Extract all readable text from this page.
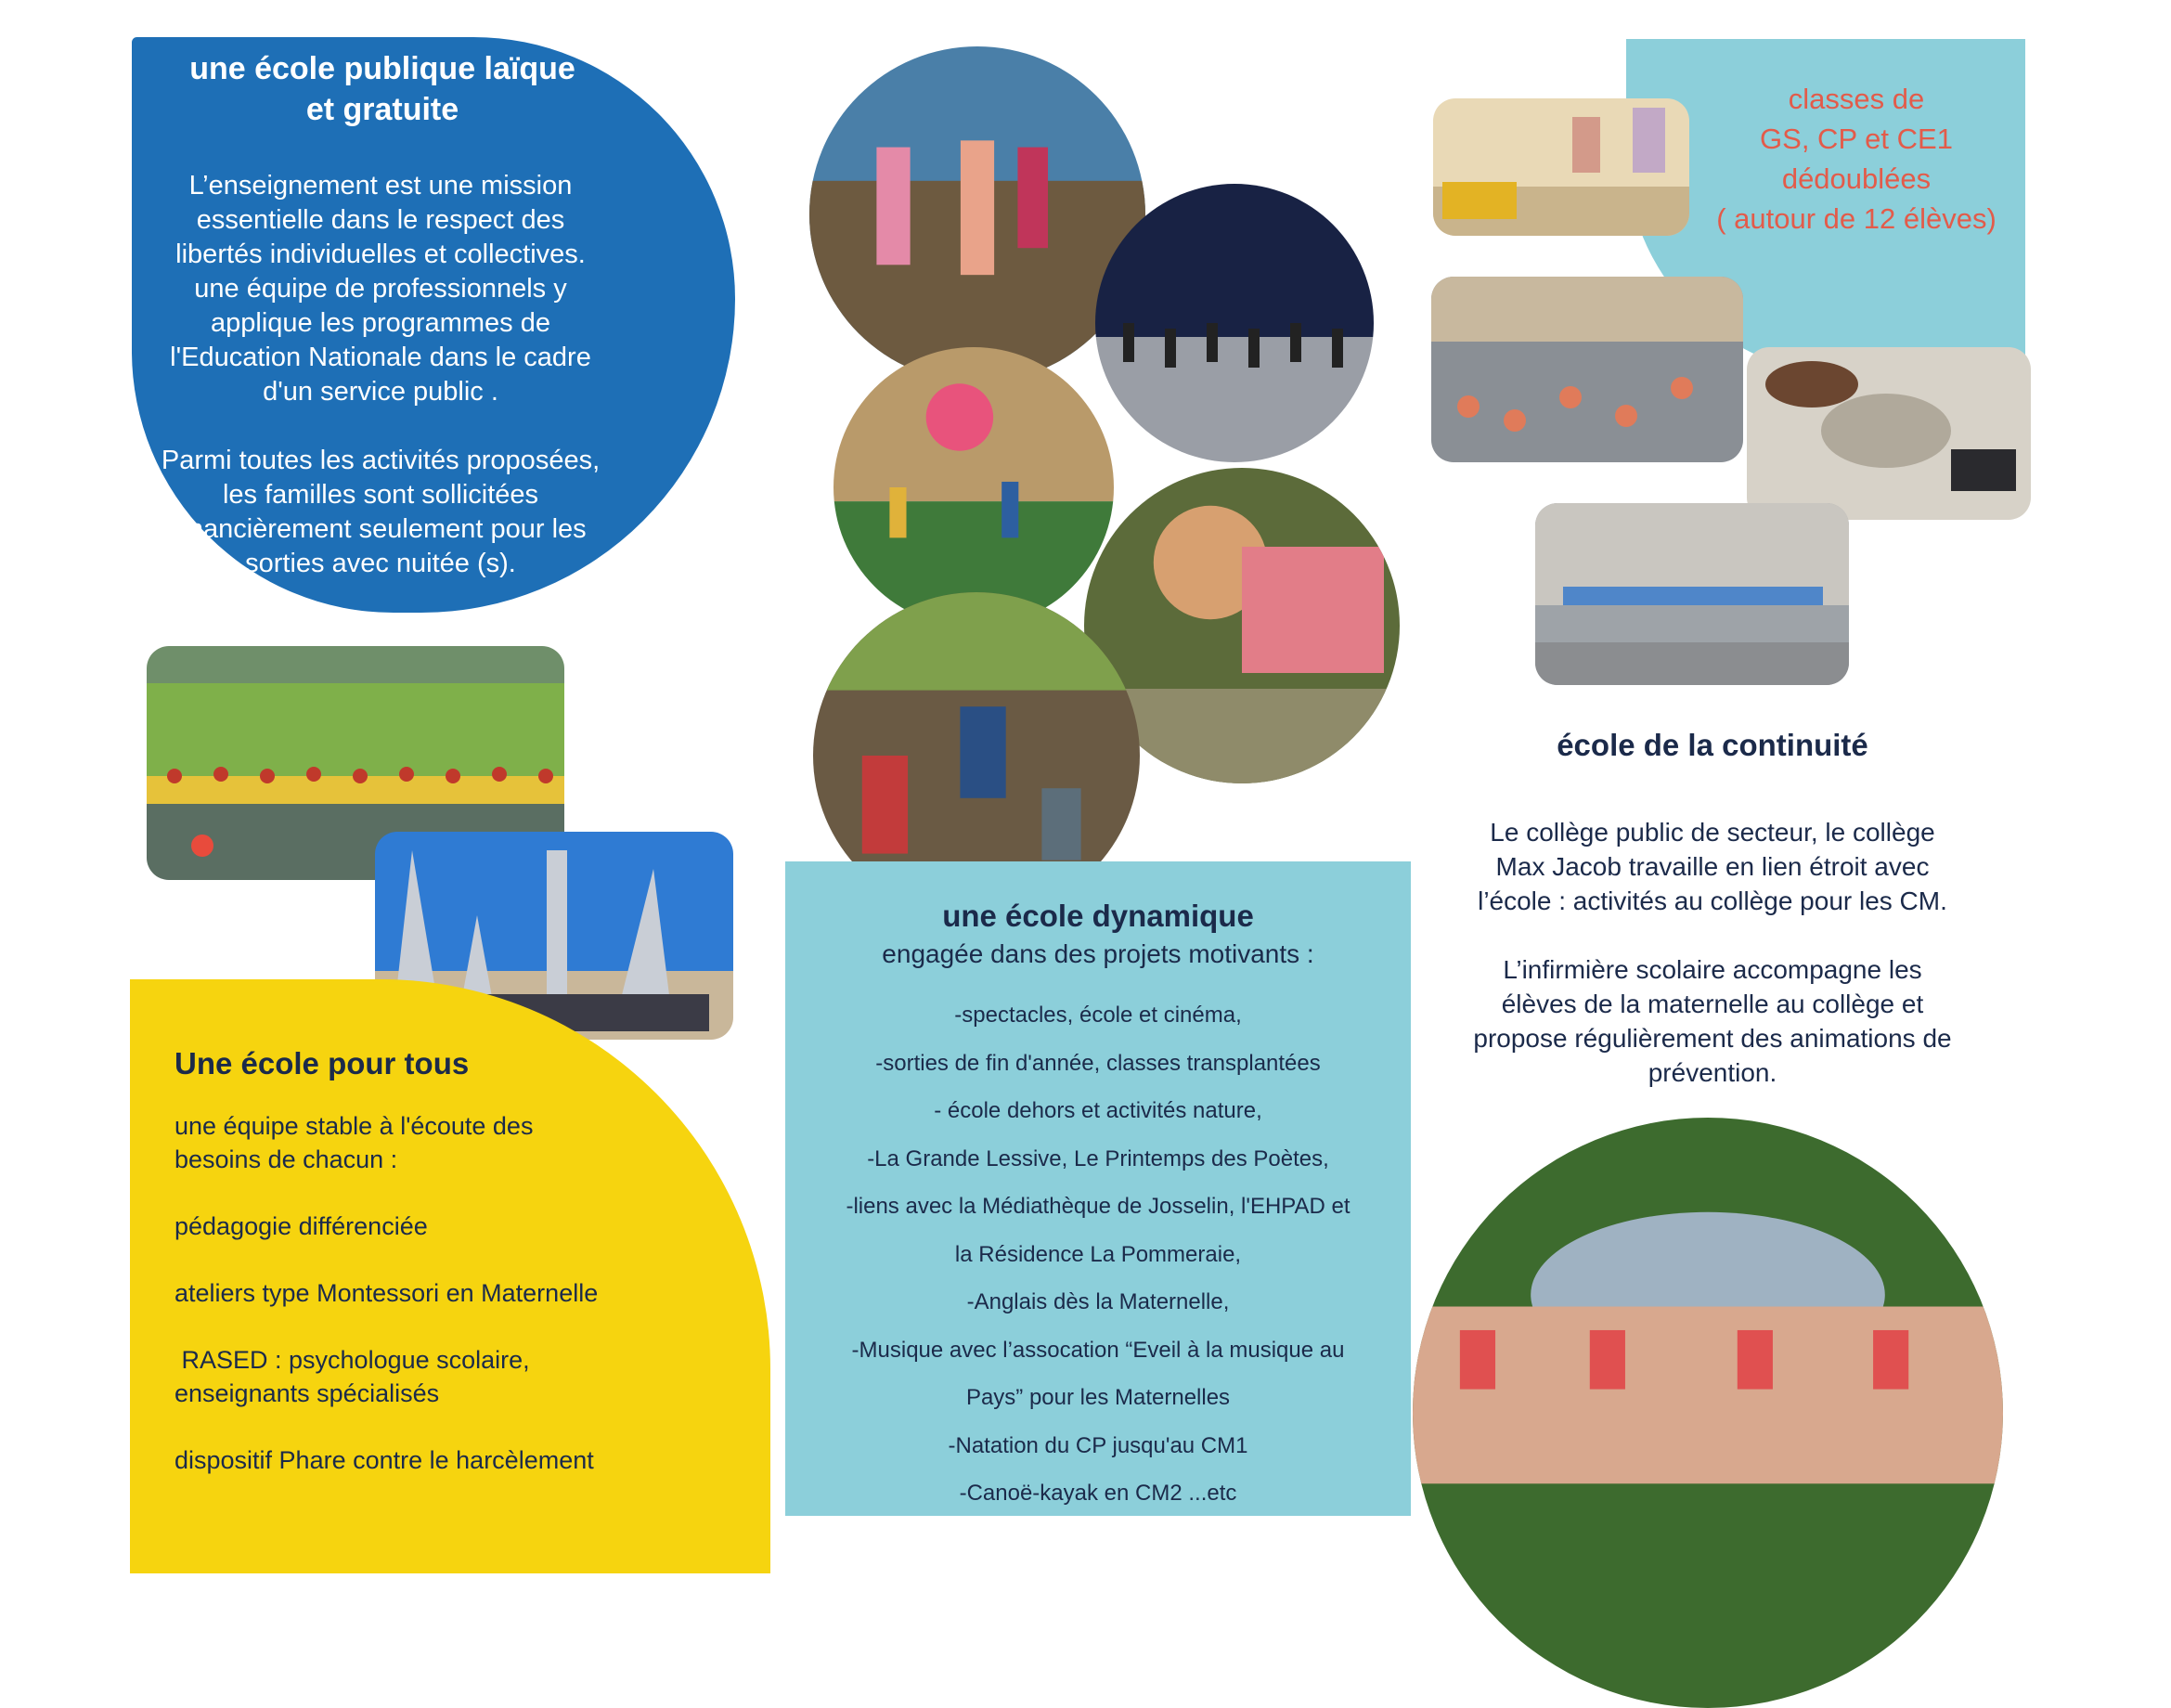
une école publique laïque
et gratuite

L’enseignement est une mission
essentielle dans le respect des
libertés individuelles et collectives.
une équipe de professionnels y
applique les programmes de
l'Education Nationale dans le cadre
d'un service public .

Parmi toutes les activités proposées,
les familles sont sollicitées
financièrement seulement pour les
sorties avec nuitée (s).

Une école pour tous
une équipe stable à l'écoute des
besoins de chacun :
pédagogie différenciée
ateliers type Montessori en Maternelle
RASED : psychologue scolaire,
enseignants spécialisés
dispositif Phare contre le harcèlement
une école dynamique
engagée dans des projets motivants :
-spectacles, école et cinéma,
-sorties de fin d'année, classes transplantées
- école dehors et activités nature,
-La Grande Lessive, Le Printemps des Poètes,
-liens avec la Médiathèque de Josselin, l'EHPAD et
la Résidence La Pommeraie,
-Anglais dès la Maternelle,
-Musique avec l’assocation “Eveil à la musique au
Pays” pour les Maternelles
-Natation du CP jusqu'au CM1
-Canoë-kayak en CM2 ...etc
classes de
GS, CP et CE1
dédoublées
( autour de 12 élèves)
école de la continuité

Le collège public de secteur, le collège
Max Jacob travaille en lien étroit avec
l’école : activités au collège pour les CM.

L’infirmière scolaire accompagne les
élèves de la maternelle au collège et
propose régulièrement des animations de
prévention.
